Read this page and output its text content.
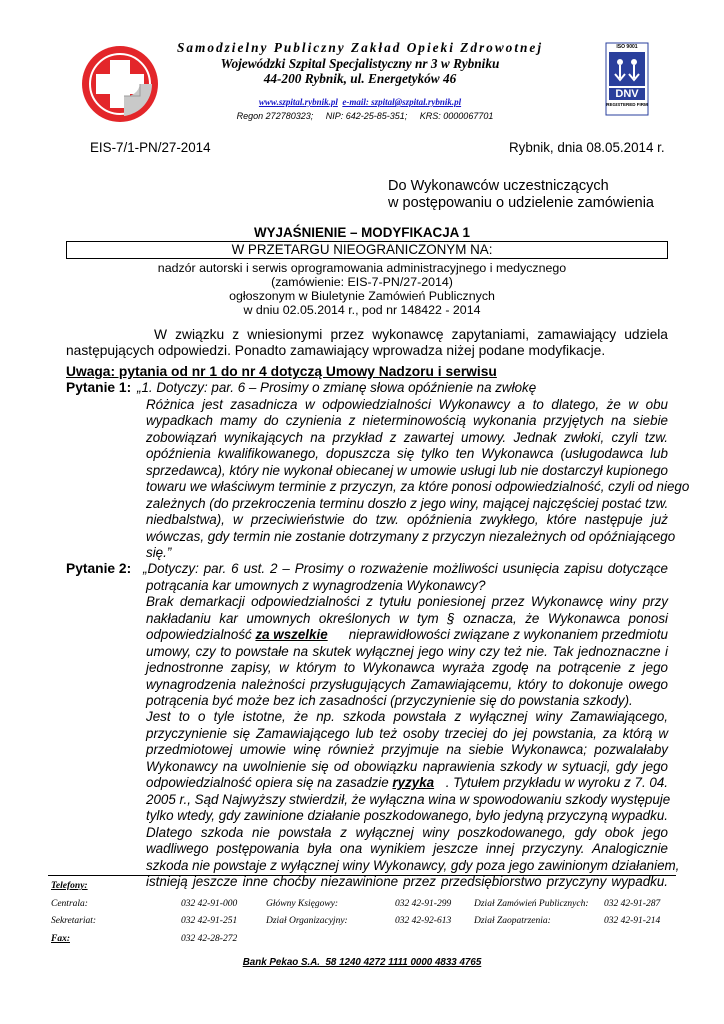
Samodzielny Publiczny Zakład Opieki Zdrowotnej
Wojewódzki Szpital Specjalistyczny nr 3 w Rybniku
44-200 Rybnik, ul. Energetyków 46
www.szpital.rybnik.pl e-mail: szpital@szpital.rybnik.pl
Regon 272780323;     NIP: 642-25-85-351;     KRS: 0000067701
ISO 9001
DNV
REGISTERED FIRM
EIS-7/1-PN/27-2014	Rybnik, dnia 08.05.2014 r.
Do Wykonawców uczestniczących
w postępowaniu o udzielenie zamówienia
WYJAŚNIENIE – MODYFIKACJA 1
W PRZETARGU NIEOGRANICZONYM NA:
nadzór autorski i serwis oprogramowania administracyjnego i medycznego
(zamówienie: EIS-7-PN/27-2014)
ogłoszonym w Biuletynie Zamówień Publicznych
w dniu 02.05.2014 r., pod nr 148422 - 2014
W związku z wniesionymi przez wykonawcę zapytaniami, zamawiający udziela
następujących odpowiedzi. Ponadto zamawiający wprowadza niżej podane modyfikacje.
Uwaga: pytania od nr 1 do nr 4 dotyczą Umowy Nadzoru i serwisu
Pytanie 1: „1. Dotyczy: par. 6 – Prosimy o zmianę słowa opóźnienie na zwłokę
Różnica jest zasadnicza w odpowiedzialności Wykonawcy a to dlatego, że w obu
wypadkach mamy do czynienia z nieterminowością wykonania przyjętych na siebie
zobowiązań wynikających na przykład z zawartej umowy. Jednak zwłoki, czyli tzw.
opóźnienia kwalifikowanego, dopuszcza się tylko ten Wykonawca (usługodawca lub
sprzedawca), który nie wykonał obiecanej w umowie usługi lub nie dostarczył kupionego
towaru we właściwym terminie z przyczyn, za które ponosi odpowiedzialność, czyli od niego
zależnych (do przekroczenia terminu doszło z jego winy, mającej najczęściej postać tzw.
niedbalstwa), w przeciwieństwie do tzw. opóźnienia zwykłego, które następuje już
wówczas, gdy termin nie zostanie dotrzymany z przyczyn niezależnych od opóźniającego
się.”
Pytanie 2: „Dotyczy: par. 6 ust. 2 – Prosimy o rozważenie możliwości usunięcia zapisu dotyczące
potrącania kar umownych z wynagrodzenia Wykonawcy?
Brak demarkacji odpowiedzialności z tytułu poniesionej przez Wykonawcę winy przy
nakładaniu kar umownych określonych w tym § oznacza, że Wykonawca ponosi
odpowiedzialność za wszelkie	nieprawidłowości związane z wykonaniem przedmiotu
umowy, czy to powstałe na skutek wyłącznej jego winy czy też nie. Tak jednoznaczne i
jednostronne zapisy, w którym to Wykonawca wyraża zgodę na potrącenie z jego
wynagrodzenia należności przysługujących Zamawiającemu, który to dokonuje owego
potrącenia być może bez ich zasadności (przyczynienie się do powstania szkody).
Jest to o tyle istotne, że np. szkoda powstała z wyłącznej winy Zamawiającego,
przyczynienie się Zamawiającego lub też osoby trzeciej do jej powstania, za którą w
przedmiotowej umowie winę również przyjmuje na siebie Wykonawca; pozwalałaby
Wykonawcy na uwolnienie się od obowiązku naprawienia szkody w sytuacji, gdy jego
odpowiedzialność opiera się na zasadzie ryzyka . Tytułem przykładu w wyroku z 7. 04.
2005 r., Sąd Najwyższy stwierdził, że wyłączna wina w spowodowaniu szkody występuje
tylko wtedy, gdy zawinione działanie poszkodowanego, było jedyną przyczyną wypadku.
Dlatego szkoda nie powstała z wyłącznej winy poszkodowanego, gdy obok jego
wadliwego postępowania była ona wynikiem jeszcze innej przyczyny. Analogicznie
szkoda nie powstaje z wyłącznej winy Wykonawcy, gdy poza jego zawinionym działaniem,
istnieją jeszcze inne choćby niezawinione przez przedsiębiorstwo przyczyny wypadku.
Telefony:
Centrala:	032 42-91-000	Główny Księgowy:	032 42-91-299 Dział Zamówień Publicznych: 032 42-91-287
Sekretariat:	032 42-91-251	Dział Organizacyjny:	032 42-92-613 Dział Zaopatrzenia:	032 42-91-214
Fax:	032 42-28-272
Bank Pekao S.A.  58 1240 4272 1111 0000 4833 4765
